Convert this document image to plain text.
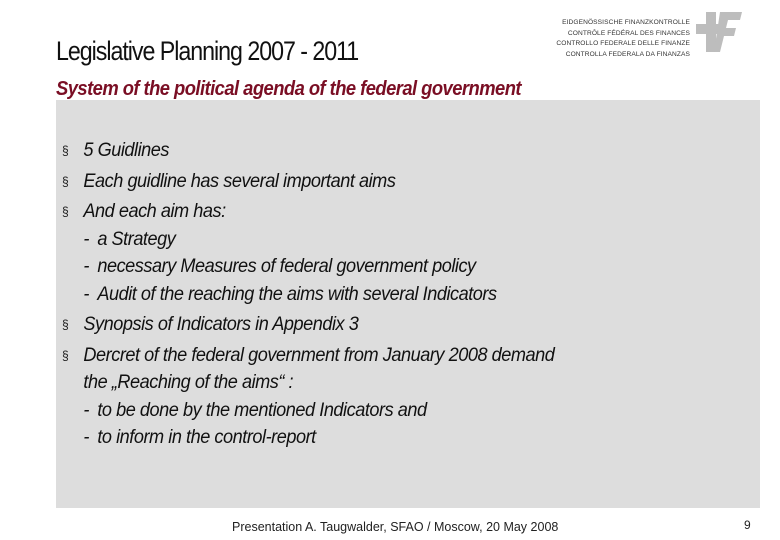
Legislative Planning 2007 - 2011
EIDGENÖSSISCHE FINANZKONTROLLE
CONTRÔLE FÉDÉRAL DES FINANCES
CONTROLLO FEDERALE DELLE FINANZE
CONTROLLA FEDERALA DA FINANZAS
System of the political agenda of the federal government
§ 5 Guidlines
§ Each guidline has several important aims
§ And each aim has:
- a Strategy
- necessary Measures of federal government policy
- Audit of the reaching the aims with several Indicators
§ Synopsis of Indicators in Appendix 3
§ Dercret of the federal government from January 2008 demand
the „Reaching of the aims“ :
- to be done by the mentioned Indicators and
- to inform in the control-report
Presentation A. Taugwalder, SFAO / Moscow, 20 May 2008	9
